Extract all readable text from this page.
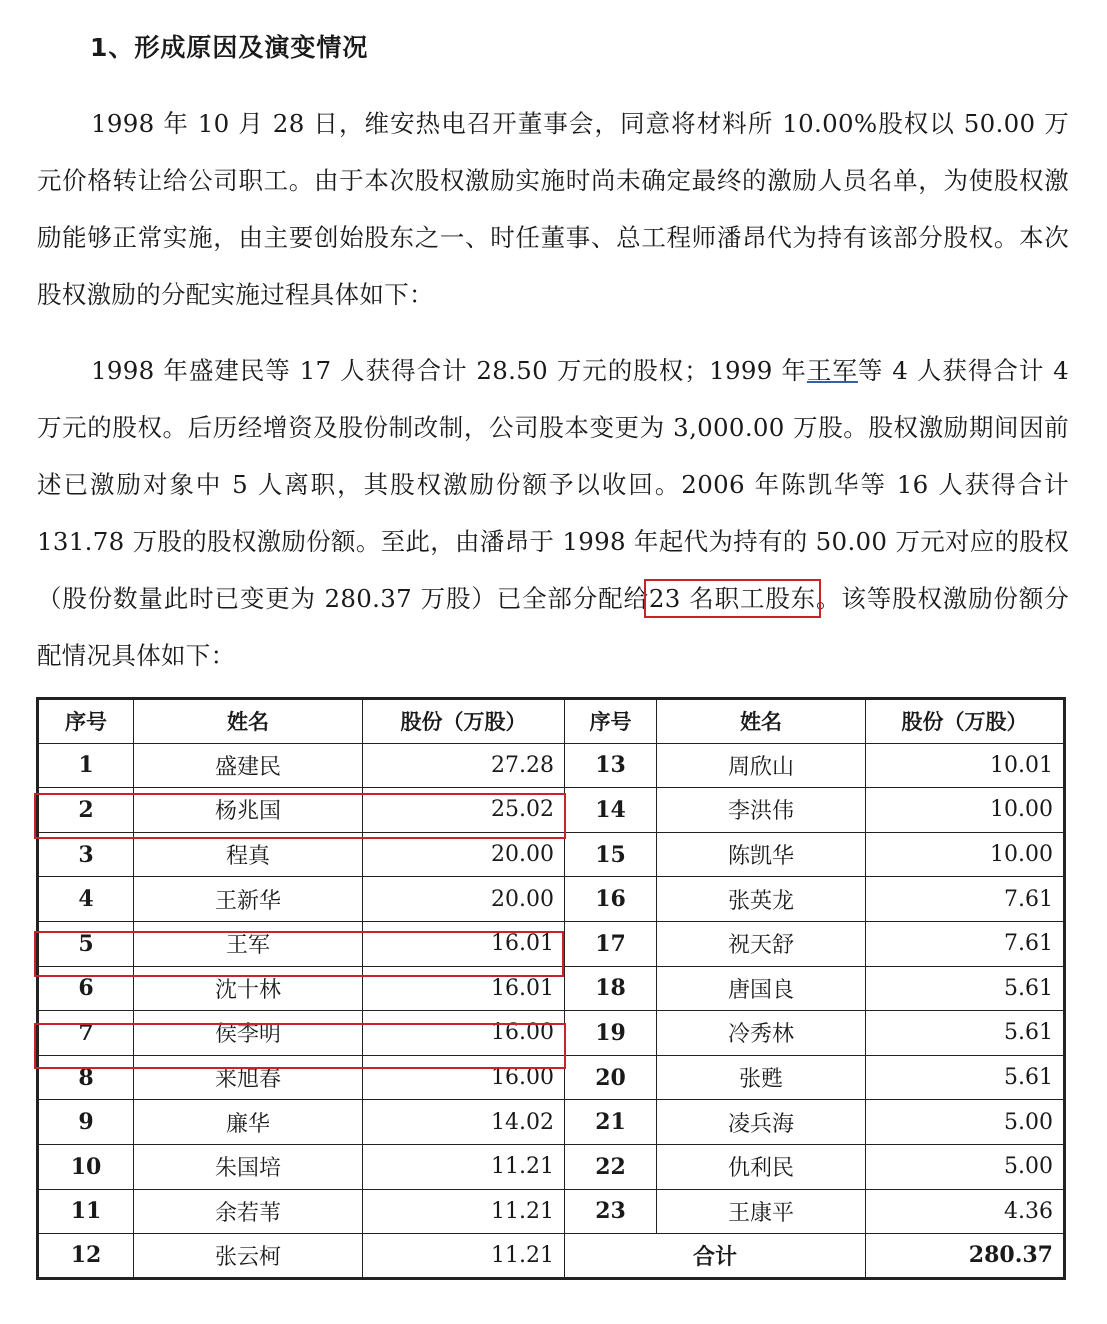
1、形成原因及演变情况
1998 年 10 月 28 日，维安热电召开董事会，同意将材料所 10.00%股权以 50.00 万元价格转让给公司职工。由于本次股权激励实施时尚未确定最终的激励人员名单，为使股权激励能够正常实施，由主要创始股东之一、时任董事、总工程师潘昂代为持有该部分股权。本次股权激励的分配实施过程具体如下：
1998 年盛建民等 17 人获得合计 28.50 万元的股权；1999 年王军等 4 人获得合计 4 万元的股权。后历经增资及股份制改制，公司股本变更为 3,000.00 万股。股权激励期间因前述已激励对象中 5 人离职，其股权激励份额予以收回。2006 年陈凯华等 16 人获得合计 131.78 万股的股权激励份额。至此，由潘昂于 1998 年起代为持有的 50.00 万元对应的股权（股份数量此时已变更为 280.37 万股）已全部分配给23 名职工股东。该等股权激励份额分配情况具体如下：
序号	姓名	股份（万股）	序号	姓名	股份（万股）
1	盛建民	27.28	13	周欣山	10.01
2	杨兆国	25.02	14	李洪伟	10.00
3	程真	20.00	15	陈凯华	10.00
4	王新华	20.00	16	张英龙	7.61
5	王军	16.01	17	祝天舒	7.61
6	沈十林	16.01	18	唐国良	5.61
7	侯李明	16.00	19	冷秀林	5.61
8	来旭春	16.00	20	张甦	5.61
9	廉华	14.02	21	凌兵海	5.00
10	朱国培	11.21	22	仇利民	5.00
11	余若苇	11.21	23	王康平	4.36
12	张云柯	11.21	合计		280.37
